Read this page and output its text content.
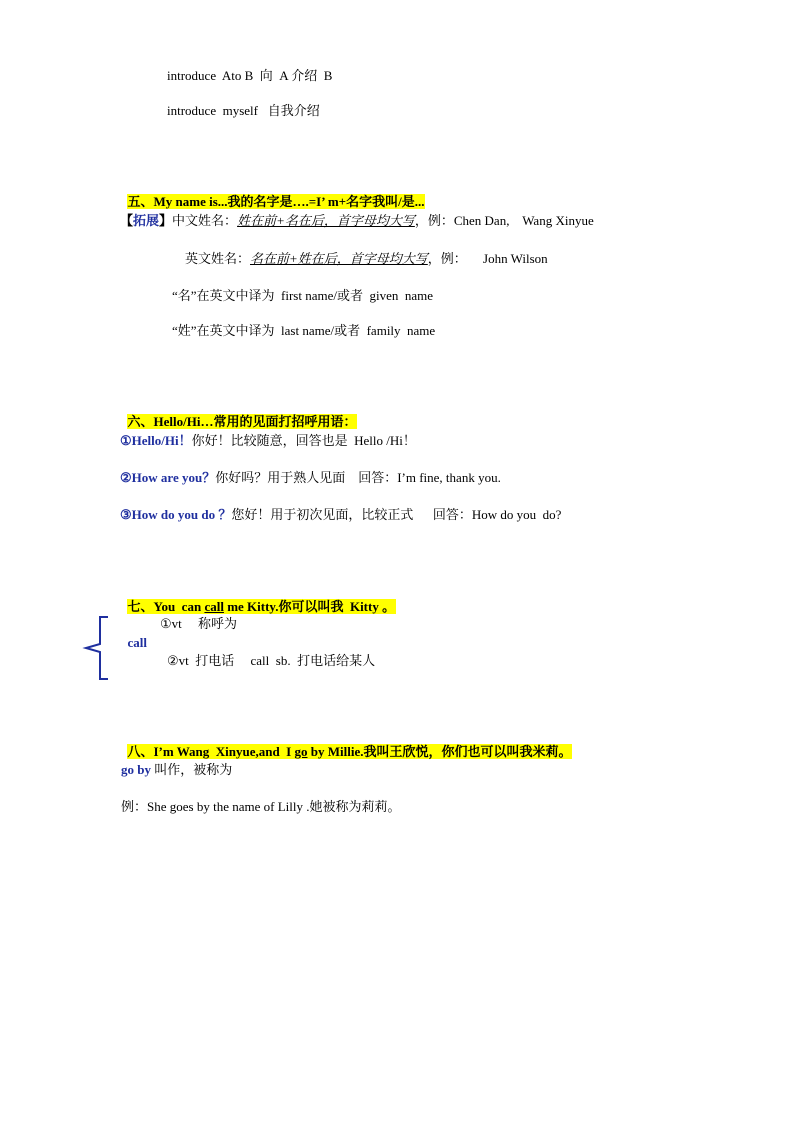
introduce  Ato B  向  A 介绍  B
introduce  myself   自我介绍

五、My name is...我的名字是….=I’ m+名字我叫/是...

【拓展】中文姓名：姓在前+名在后，首字母均大写，例：Chen Dan,    Wang Xinyue
英文姓名：名在前+姓在后，首字母均大写，例：     John Wilson
“名”在英文中译为  first name/或者  given  name
“姓”在英文中译为  last name/或者  family  name

六、Hello/Hi…常用的见面打招呼用语：

①Hello/Hi！你好！比较随意，回答也是  Hello /Hi！
②How are you？你好吗？用于熟人见面    回答：I’m fine, thank you.
③How do you do ？您好！用于初次见面，比较正式      回答：How do you  do?

七、You  can call me Kitty.你可以叫我  Kitty 。

call

①vt     称呼为
②vt  打电话     call  sb.  打电话给某人

八、I’m Wang  Xinyue,and  I go by Millie.我叫王欣悦，你们也可以叫我米莉。

go by 叫作，被称为
例：She goes by the name of Lilly .她被称为莉莉。
